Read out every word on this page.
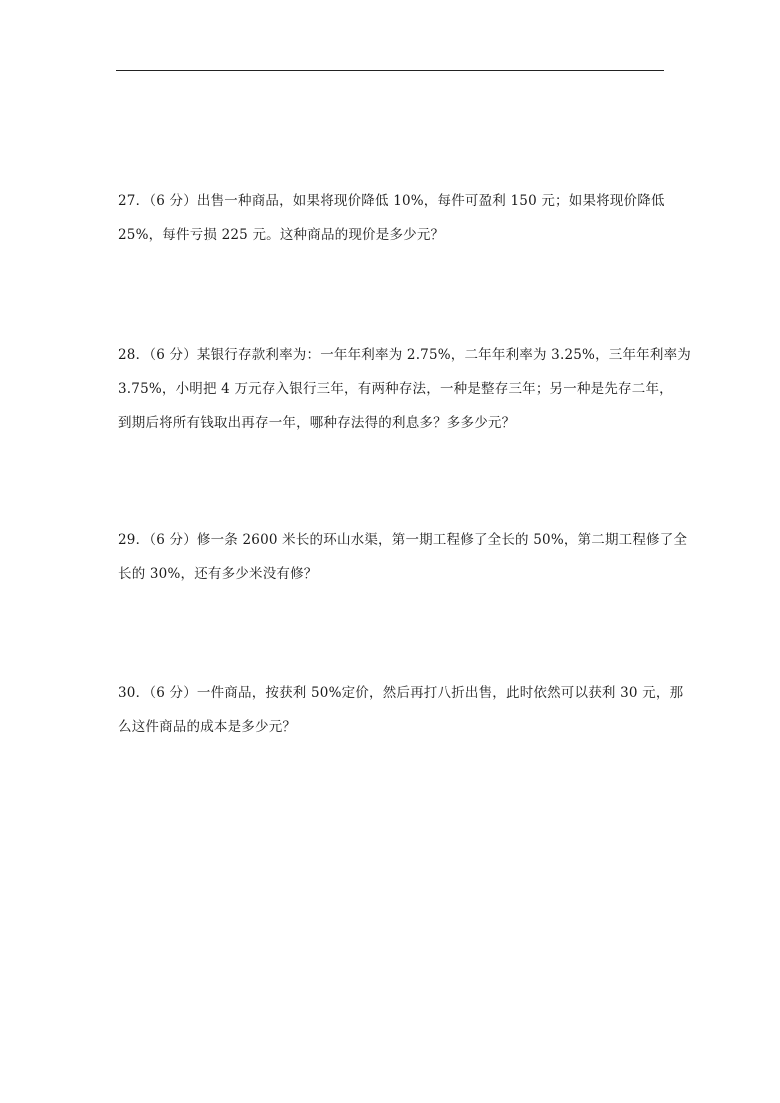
27．（6 分）出售一种商品，如果将现价降低 10%，每件可盈利 150 元；如果将现价降低
25%，每件亏损 225 元。这种商品的现价是多少元？
28．（6 分）某银行存款利率为：一年年利率为 2.75%，二年年利率为 3.25%，三年年利率为
3.75%，小明把 4 万元存入银行三年，有两种存法，一种是整存三年；另一种是先存二年，
到期后将所有钱取出再存一年，哪种存法得的利息多？多多少元？
29．（6 分）修一条 2600 米长的环山水渠，第一期工程修了全长的 50%，第二期工程修了全
长的 30%，还有多少米没有修？
30．（6 分）一件商品，按获利 50%定价，然后再打八折出售，此时依然可以获利 30 元，那
么这件商品的成本是多少元？
